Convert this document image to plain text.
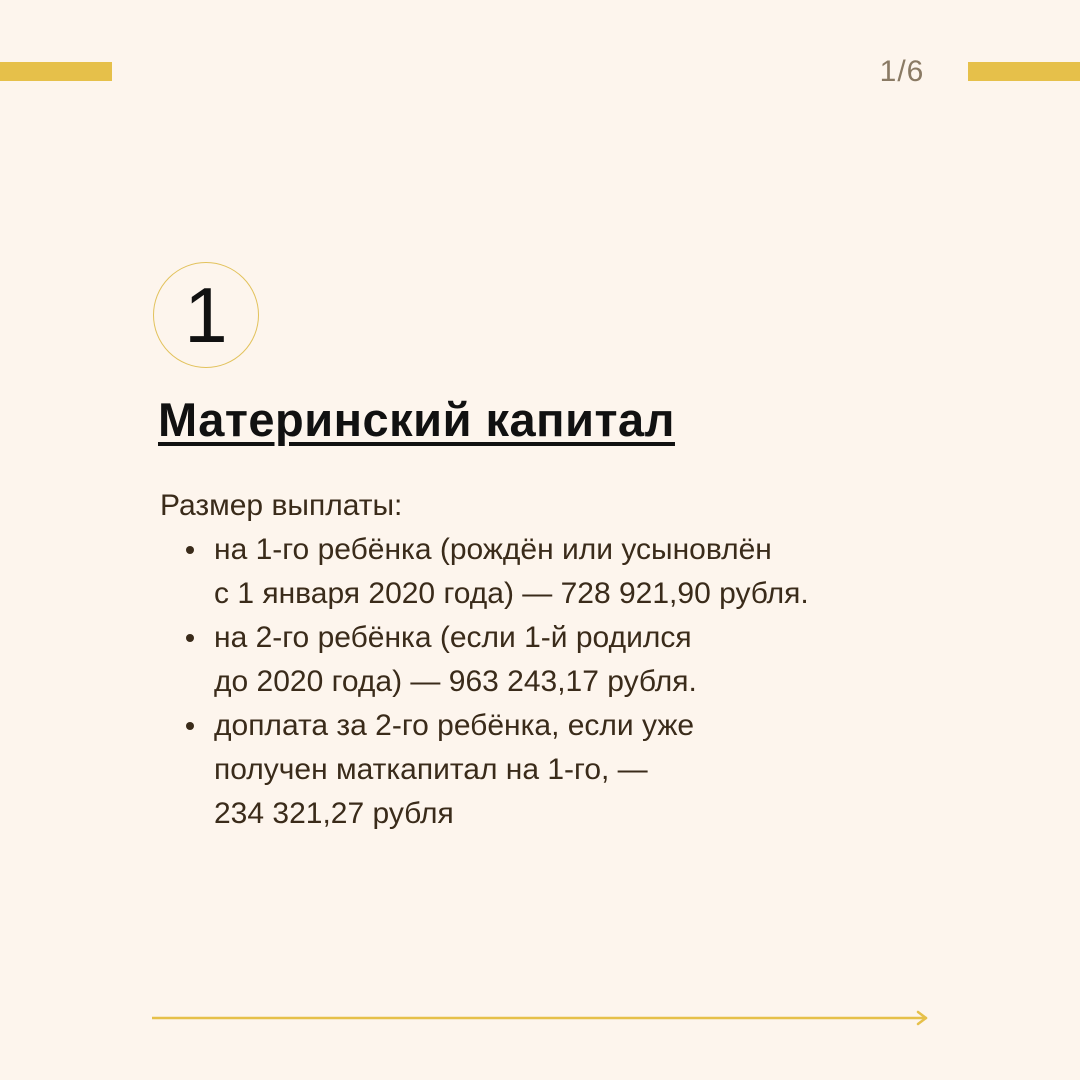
1/6
1
Материнский капитал
Размер выплаты:
на 1-го ребёнка (рождён или усыновлён
с 1 января 2020 года) — 728 921,90 рубля.
на 2-го ребёнка (если 1-й родился
до 2020 года) — 963 243,17 рубля.
доплата за 2-го ребёнка, если уже
получен маткапитал на 1-го, —
234 321,27 рубля
